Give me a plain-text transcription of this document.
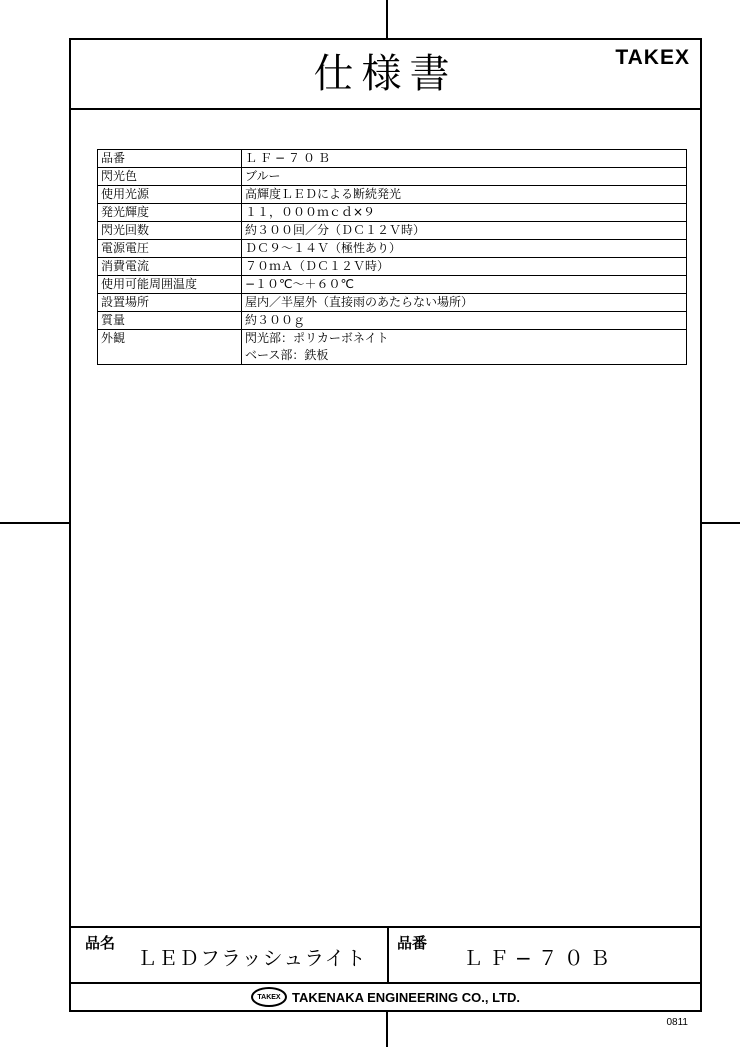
仕様書	TAKEX
品番	ＬＦ−７０Ｂ
閃光色	ブルー
使用光源	高輝度ＬＥＤによる断続発光
発光輝度	１１，０００ｍｃｄ×９
閃光回数	約３００回／分（ＤＣ１２Ｖ時）
電源電圧	ＤＣ９〜１４Ｖ（極性あり）
消費電流	７０ｍＡ（ＤＣ１２Ｖ時）
使用可能周囲温度	−１０℃〜＋６０℃
設置場所	屋内／半屋外（直接雨のあたらない場所）
質量	約３００ｇ
外観	閃光部：ポリカーボネイト
ベース部：鉄板
品名
ＬＥＤフラッシュライト
品番
ＬＦ−７０Ｂ
TAKEX TAKENAKA ENGINEERING CO., LTD.
0811
